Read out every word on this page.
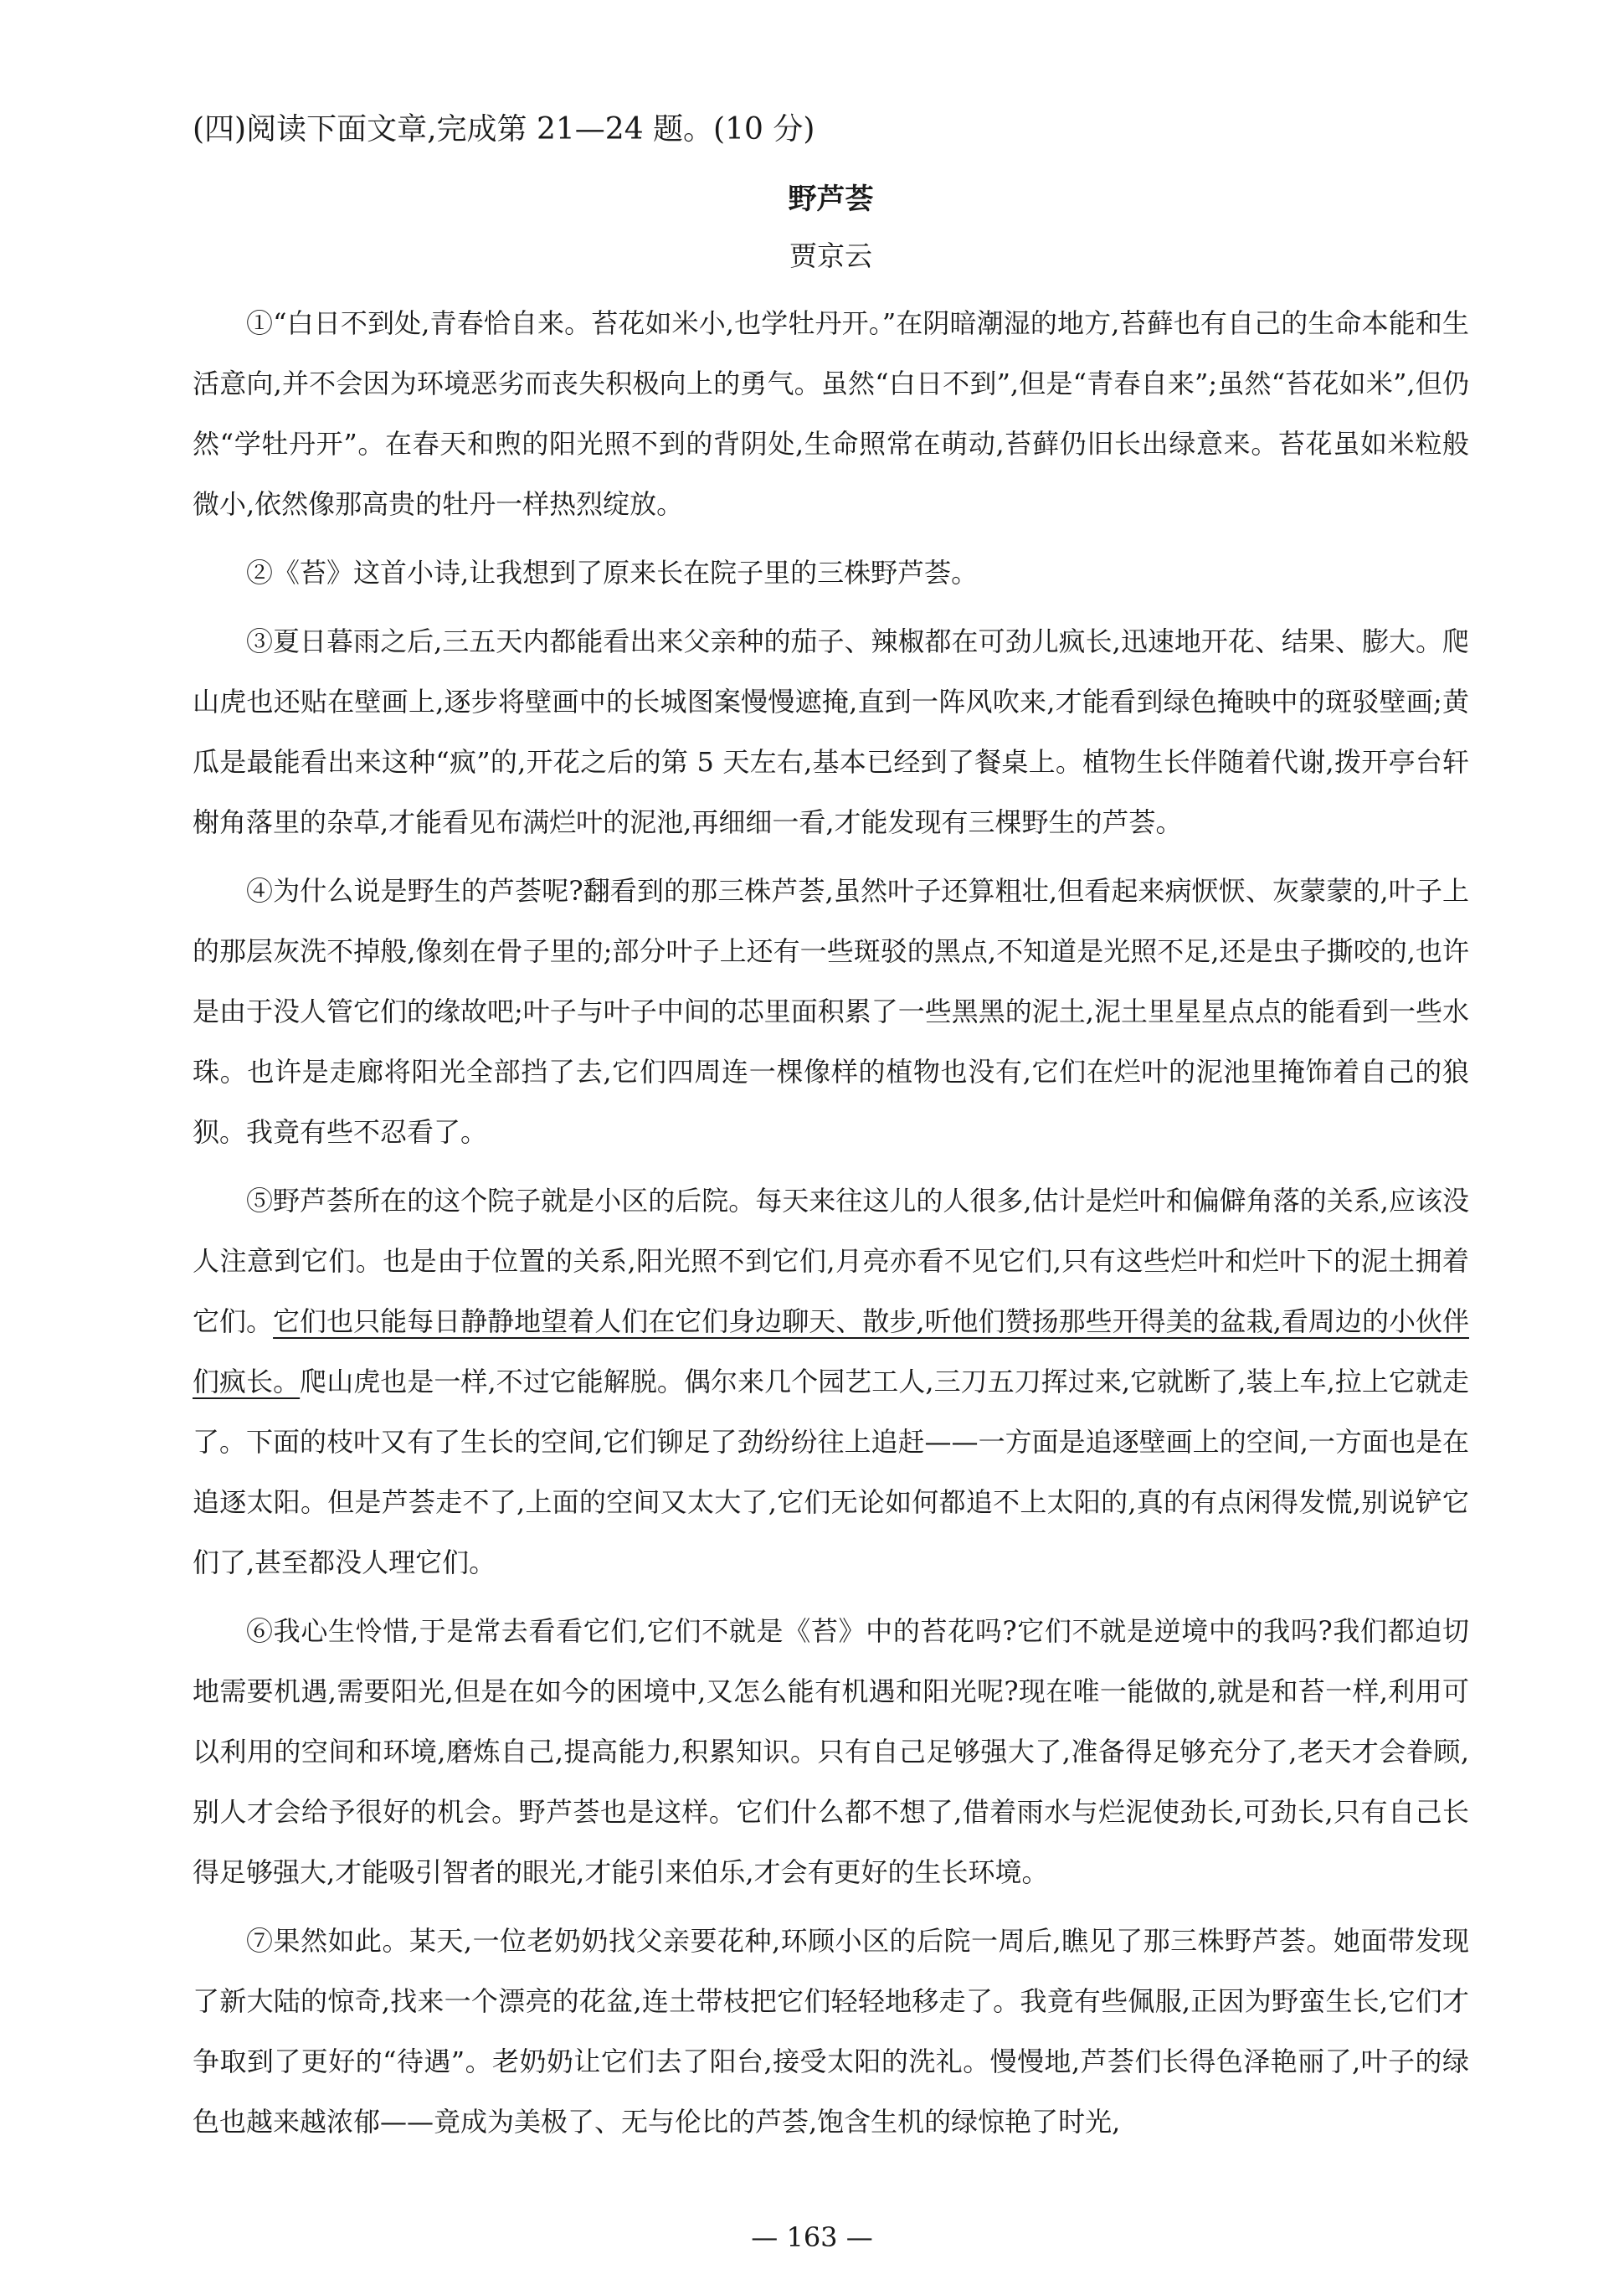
(四)阅读下面文章,完成第 21—24 题。(10 分)
野芦荟
贾京云

①“白日不到处,青春恰自来。苔花如米小,也学牡丹开。”在阴暗潮湿的地方,苔藓也有自己的生命本能和生活意向,并不会因为环境恶劣而丧失积极向上的勇气。虽然“白日不到”,但是“青春自来”;虽然“苔花如米”,但仍然“学牡丹开”。在春天和煦的阳光照不到的背阴处,生命照常在萌动,苔藓仍旧长出绿意来。苔花虽如米粒般微小,依然像那高贵的牡丹一样热烈绽放。

②《苔》这首小诗,让我想到了原来长在院子里的三株野芦荟。

③夏日暮雨之后,三五天内都能看出来父亲种的茄子、辣椒都在可劲儿疯长,迅速地开花、结果、膨大。爬山虎也还贴在壁画上,逐步将壁画中的长城图案慢慢遮掩,直到一阵风吹来,才能看到绿色掩映中的斑驳壁画;黄瓜是最能看出来这种“疯”的,开花之后的第 5 天左右,基本已经到了餐桌上。植物生长伴随着代谢,拨开亭台轩榭角落里的杂草,才能看见布满烂叶的泥池,再细细一看,才能发现有三棵野生的芦荟。

④为什么说是野生的芦荟呢?翻看到的那三株芦荟,虽然叶子还算粗壮,但看起来病恹恹、灰蒙蒙的,叶子上的那层灰洗不掉般,像刻在骨子里的;部分叶子上还有一些斑驳的黑点,不知道是光照不足,还是虫子撕咬的,也许是由于没人管它们的缘故吧;叶子与叶子中间的芯里面积累了一些黑黑的泥土,泥土里星星点点的能看到一些水珠。也许是走廊将阳光全部挡了去,它们四周连一棵像样的植物也没有,它们在烂叶的泥池里掩饰着自己的狼狈。我竟有些不忍看了。

⑤野芦荟所在的这个院子就是小区的后院。每天来往这儿的人很多,估计是烂叶和偏僻角落的关系,应该没人注意到它们。也是由于位置的关系,阳光照不到它们,月亮亦看不见它们,只有这些烂叶和烂叶下的泥土拥着它们。它们也只能每日静静地望着人们在它们身边聊天、散步,听他们赞扬那些开得美的盆栽,看周边的小伙伴们疯长。爬山虎也是一样,不过它能解脱。偶尔来几个园艺工人,三刀五刀挥过来,它就断了,装上车,拉上它就走了。下面的枝叶又有了生长的空间,它们铆足了劲纷纷往上追赶——一方面是追逐壁画上的空间,一方面也是在追逐太阳。但是芦荟走不了,上面的空间又太大了,它们无论如何都追不上太阳的,真的有点闲得发慌,别说铲它们了,甚至都没人理它们。

⑥我心生怜惜,于是常去看看它们,它们不就是《苔》中的苔花吗?它们不就是逆境中的我吗?我们都迫切地需要机遇,需要阳光,但是在如今的困境中,又怎么能有机遇和阳光呢?现在唯一能做的,就是和苔一样,利用可以利用的空间和环境,磨炼自己,提高能力,积累知识。只有自己足够强大了,准备得足够充分了,老天才会眷顾,别人才会给予很好的机会。野芦荟也是这样。它们什么都不想了,借着雨水与烂泥使劲长,可劲长,只有自己长得足够强大,才能吸引智者的眼光,才能引来伯乐,才会有更好的生长环境。

⑦果然如此。某天,一位老奶奶找父亲要花种,环顾小区的后院一周后,瞧见了那三株野芦荟。她面带发现了新大陆的惊奇,找来一个漂亮的花盆,连土带枝把它们轻轻地移走了。我竟有些佩服,正因为野蛮生长,它们才争取到了更好的“待遇”。老奶奶让它们去了阳台,接受太阳的洗礼。慢慢地,芦荟们长得色泽艳丽了,叶子的绿色也越来越浓郁——竟成为美极了、无与伦比的芦荟,饱含生机的绿惊艳了时光,

— 163 —
